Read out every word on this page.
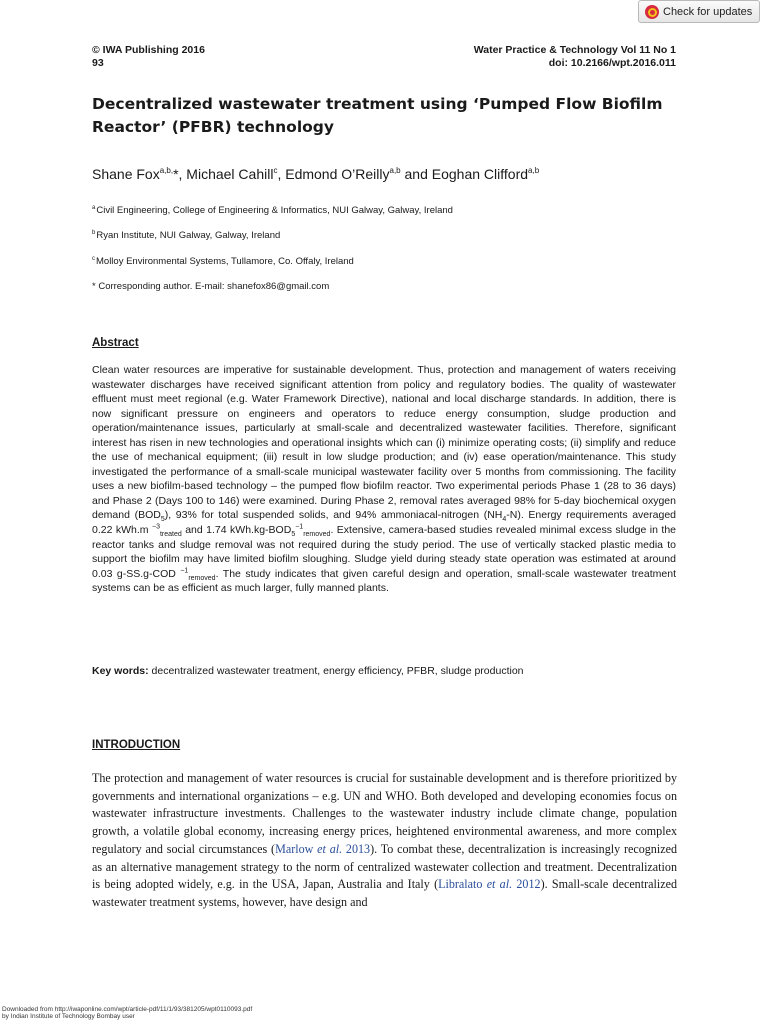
Check for updates
© IWA Publishing 2016
93
Water Practice & Technology Vol 11 No 1
doi: 10.2166/wpt.2016.011
Decentralized wastewater treatment using ‘Pumped Flow Biofilm
Reactor’ (PFBR) technology
Shane Fox$^{a,b,}$*, Michael Cahill$^c$, Edmond O’Reilly$^{a,b}$ and Eoghan Clifford$^{a,b}$
$^a$Civil Engineering, College of Engineering & Informatics, NUI Galway, Galway, Ireland
$^b$Ryan Institute, NUI Galway, Galway, Ireland
$^c$Molloy Environmental Systems, Tullamore, Co. Offaly, Ireland
* Corresponding author. E-mail: shanefox86@gmail.com
Abstract

Clean water resources are imperative for sustainable development. Thus, protection and management of waters receiving wastewater discharges have received significant attention from policy and regulatory bodies. The quality of wastewater effluent must meet regional (e.g. Water Framework Directive), national and local discharge standards. In addition, there is now significant pressure on engineers and operators to reduce energy consumption, sludge production and operation/maintenance issues, particularly at small-scale and decentralized wastewater facilities. Therefore, significant interest has risen in new technologies and operational insights which can (i) minimize operating costs; (ii) simplify and reduce the use of mechanical equipment; (iii) result in low sludge production; and (iv) ease operation/maintenance. This study investigated the performance of a small-scale municipal wastewater facility over 5 months from commissioning. The facility uses a new biofilm-based technology – the pumped flow biofilm reactor. Two experimental periods Phase 1 (28 to 36 days) and Phase 2 (Days 100 to 146) were examined. During Phase 2, removal rates averaged 98% for 5-day biochemical oxygen demand $(BOD_5)$, 93% for total suspended solids, and 94% ammoniacal-nitrogen $(NH_4-N)$. Energy requirements averaged 0.22 kWh.m $^{-3}_{treated}$ and 1.74 $kWh.kg-BOD_5^{-1}_{removed}$. Extensive, camera-based studies revealed minimal excess sludge in the reactor tanks and sludge removal was not required during the study period. The use of vertically stacked plastic media to support the biofilm may have limited biofilm sloughing. Sludge yield during steady state operation was estimated at around 0.03 g-SS.g-COD $^{-1}_{removed}$. The study indicates that given careful design and operation, small-scale wastewater treatment systems can be as efficient as much larger, fully manned plants.

Key words: decentralized wastewater treatment, energy efficiency, PFBR, sludge production
INTRODUCTION

The protection and management of water resources is crucial for sustainable development and is therefore prioritized by governments and international organizations – e.g. UN and WHO. Both developed and developing economies focus on wastewater infrastructure investments. Challenges to the wastewater industry include climate change, population growth, a volatile global economy, increasing energy prices, heightened environmental awareness, and more complex regulatory and social circumstances (Marlow et al. 2013). To combat these, decentralization is increasingly recognized as an alternative management strategy to the norm of centralized wastewater collection and treatment. Decentralization is being adopted widely, e.g. in the USA, Japan, Australia and Italy (Libralato et al. 2012). Small-scale decentralized wastewater treatment systems, however, have design and

Downloaded from http://iwaponline.com/wpt/article-pdf/11/1/93/381205/wpt0110093.pdf
by Indian Institute of Technology Bombay user
